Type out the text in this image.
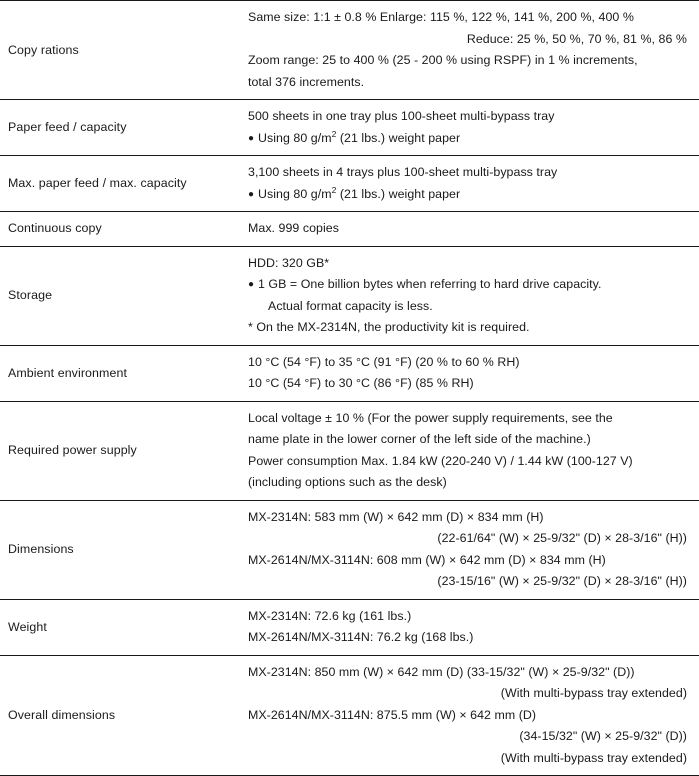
Copy rations	Same size: 1:1 ± 0.8 % Enlarge: 115 %, 122 %, 141 %, 200 %, 400 %
Reduce: 25 %, 50 %, 70 %, 81 %, 86 %
Zoom range: 25 to 400 % (25 - 200 % using RSPF) in 1 % increments,
total 376 increments.

Paper feed / capacity	500 sheets in one tray plus 100-sheet multi-bypass tray
● Using 80 $g/m^2$ (21 lbs.) weight paper

Max. paper feed / max. capacity	3,100 sheets in 4 trays plus 100-sheet multi-bypass tray
● Using 80 $g/m^2$ (21 lbs.) weight paper

Continuous copy	Max. 999 copies

Storage	HDD: 320 GB*
● 1 GB = One billion bytes when referring to hard drive capacity.
Actual format capacity is less.
* On the MX-2314N, the productivity kit is required.

Ambient environment	10 °C (54 °F) to 35 °C (91 °F) (20 % to 60 % RH)
10 °C (54 °F) to 30 °C (86 °F) (85 % RH)

Required power supply	Local voltage ± 10 % (For the power supply requirements, see the
name plate in the lower corner of the left side of the machine.)
Power consumption Max. 1.84 kW (220-240 V) / 1.44 kW (100-127 V)
(including options such as the desk)

Dimensions	MX-2314N: 583 mm (W) × 642 mm (D) × 834 mm (H)
(22-61/64" (W) × 25-9/32" (D) × 28-3/16" (H))
MX-2614N/MX-3114N: 608 mm (W) × 642 mm (D) × 834 mm (H)
(23-15/16" (W) × 25-9/32" (D) × 28-3/16" (H))

Weight	MX-2314N: 72.6 kg (161 lbs.)
MX-2614N/MX-3114N: 76.2 kg (168 lbs.)

Overall dimensions	MX-2314N: 850 mm (W) × 642 mm (D) (33-15/32" (W) × 25-9/32" (D))
(With multi-bypass tray extended)
MX-2614N/MX-3114N: 875.5 mm (W) × 642 mm (D)
(34-15/32" (W) × 25-9/32" (D))
(With multi-bypass tray extended)
